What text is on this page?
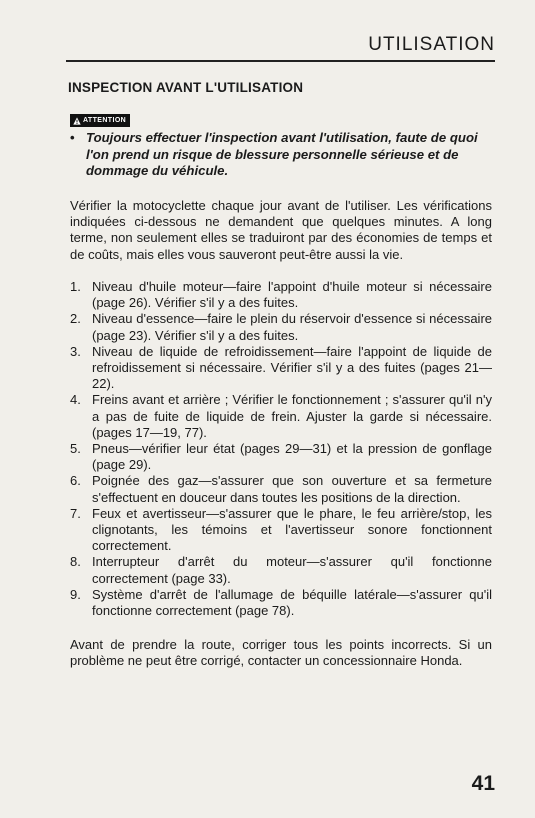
UTILISATION
INSPECTION AVANT L'UTILISATION
ATTENTION
• Toujours effectuer l'inspection avant l'utilisation, faute de quoi l'on prend un risque de blessure personnelle sérieuse et de dommage du véhicule.

Vérifier la motocyclette chaque jour avant de l'utiliser. Les vérifications indiquées ci-dessous ne demandent que quelques minutes. A long terme, non seulement elles se traduiront par des économies de temps et de coûts, mais elles vous sauveront peut-être aussi la vie.

1. Niveau d'huile moteur—faire l'appoint d'huile moteur si nécessaire (page 26). Vérifier s'il y a des fuites.
2. Niveau d'essence—faire le plein du réservoir d'essence si nécessaire (page 23). Vérifier s'il y a des fuites.
3. Niveau de liquide de refroidissement—faire l'appoint de liquide de refroidissement si nécessaire. Vérifier s'il y a des fuites (pages 21—22).
4. Freins avant et arrière ; Vérifier le fonctionnement ; s'assurer qu'il n'y a pas de fuite de liquide de frein. Ajuster la garde si nécessaire. (pages 17—19, 77).
5. Pneus—vérifier leur état (pages 29—31) et la pression de gonflage (page 29).
6. Poignée des gaz—s'assurer que son ouverture et sa fermeture s'effectuent en douceur dans toutes les positions de la direction.
7. Feux et avertisseur—s'assurer que le phare, le feu arrière/stop, les clignotants, les témoins et l'avertisseur sonore fonctionnent correctement.
8. Interrupteur d'arrêt du moteur—s'assurer qu'il fonctionne correctement (page 33).
9. Système d'arrêt de l'allumage de béquille latérale—s'assurer qu'il fonctionne correctement (page 78).
Avant de prendre la route, corriger tous les points incorrects. Si un problème ne peut être corrigé, contacter un concessionnaire Honda.
41
